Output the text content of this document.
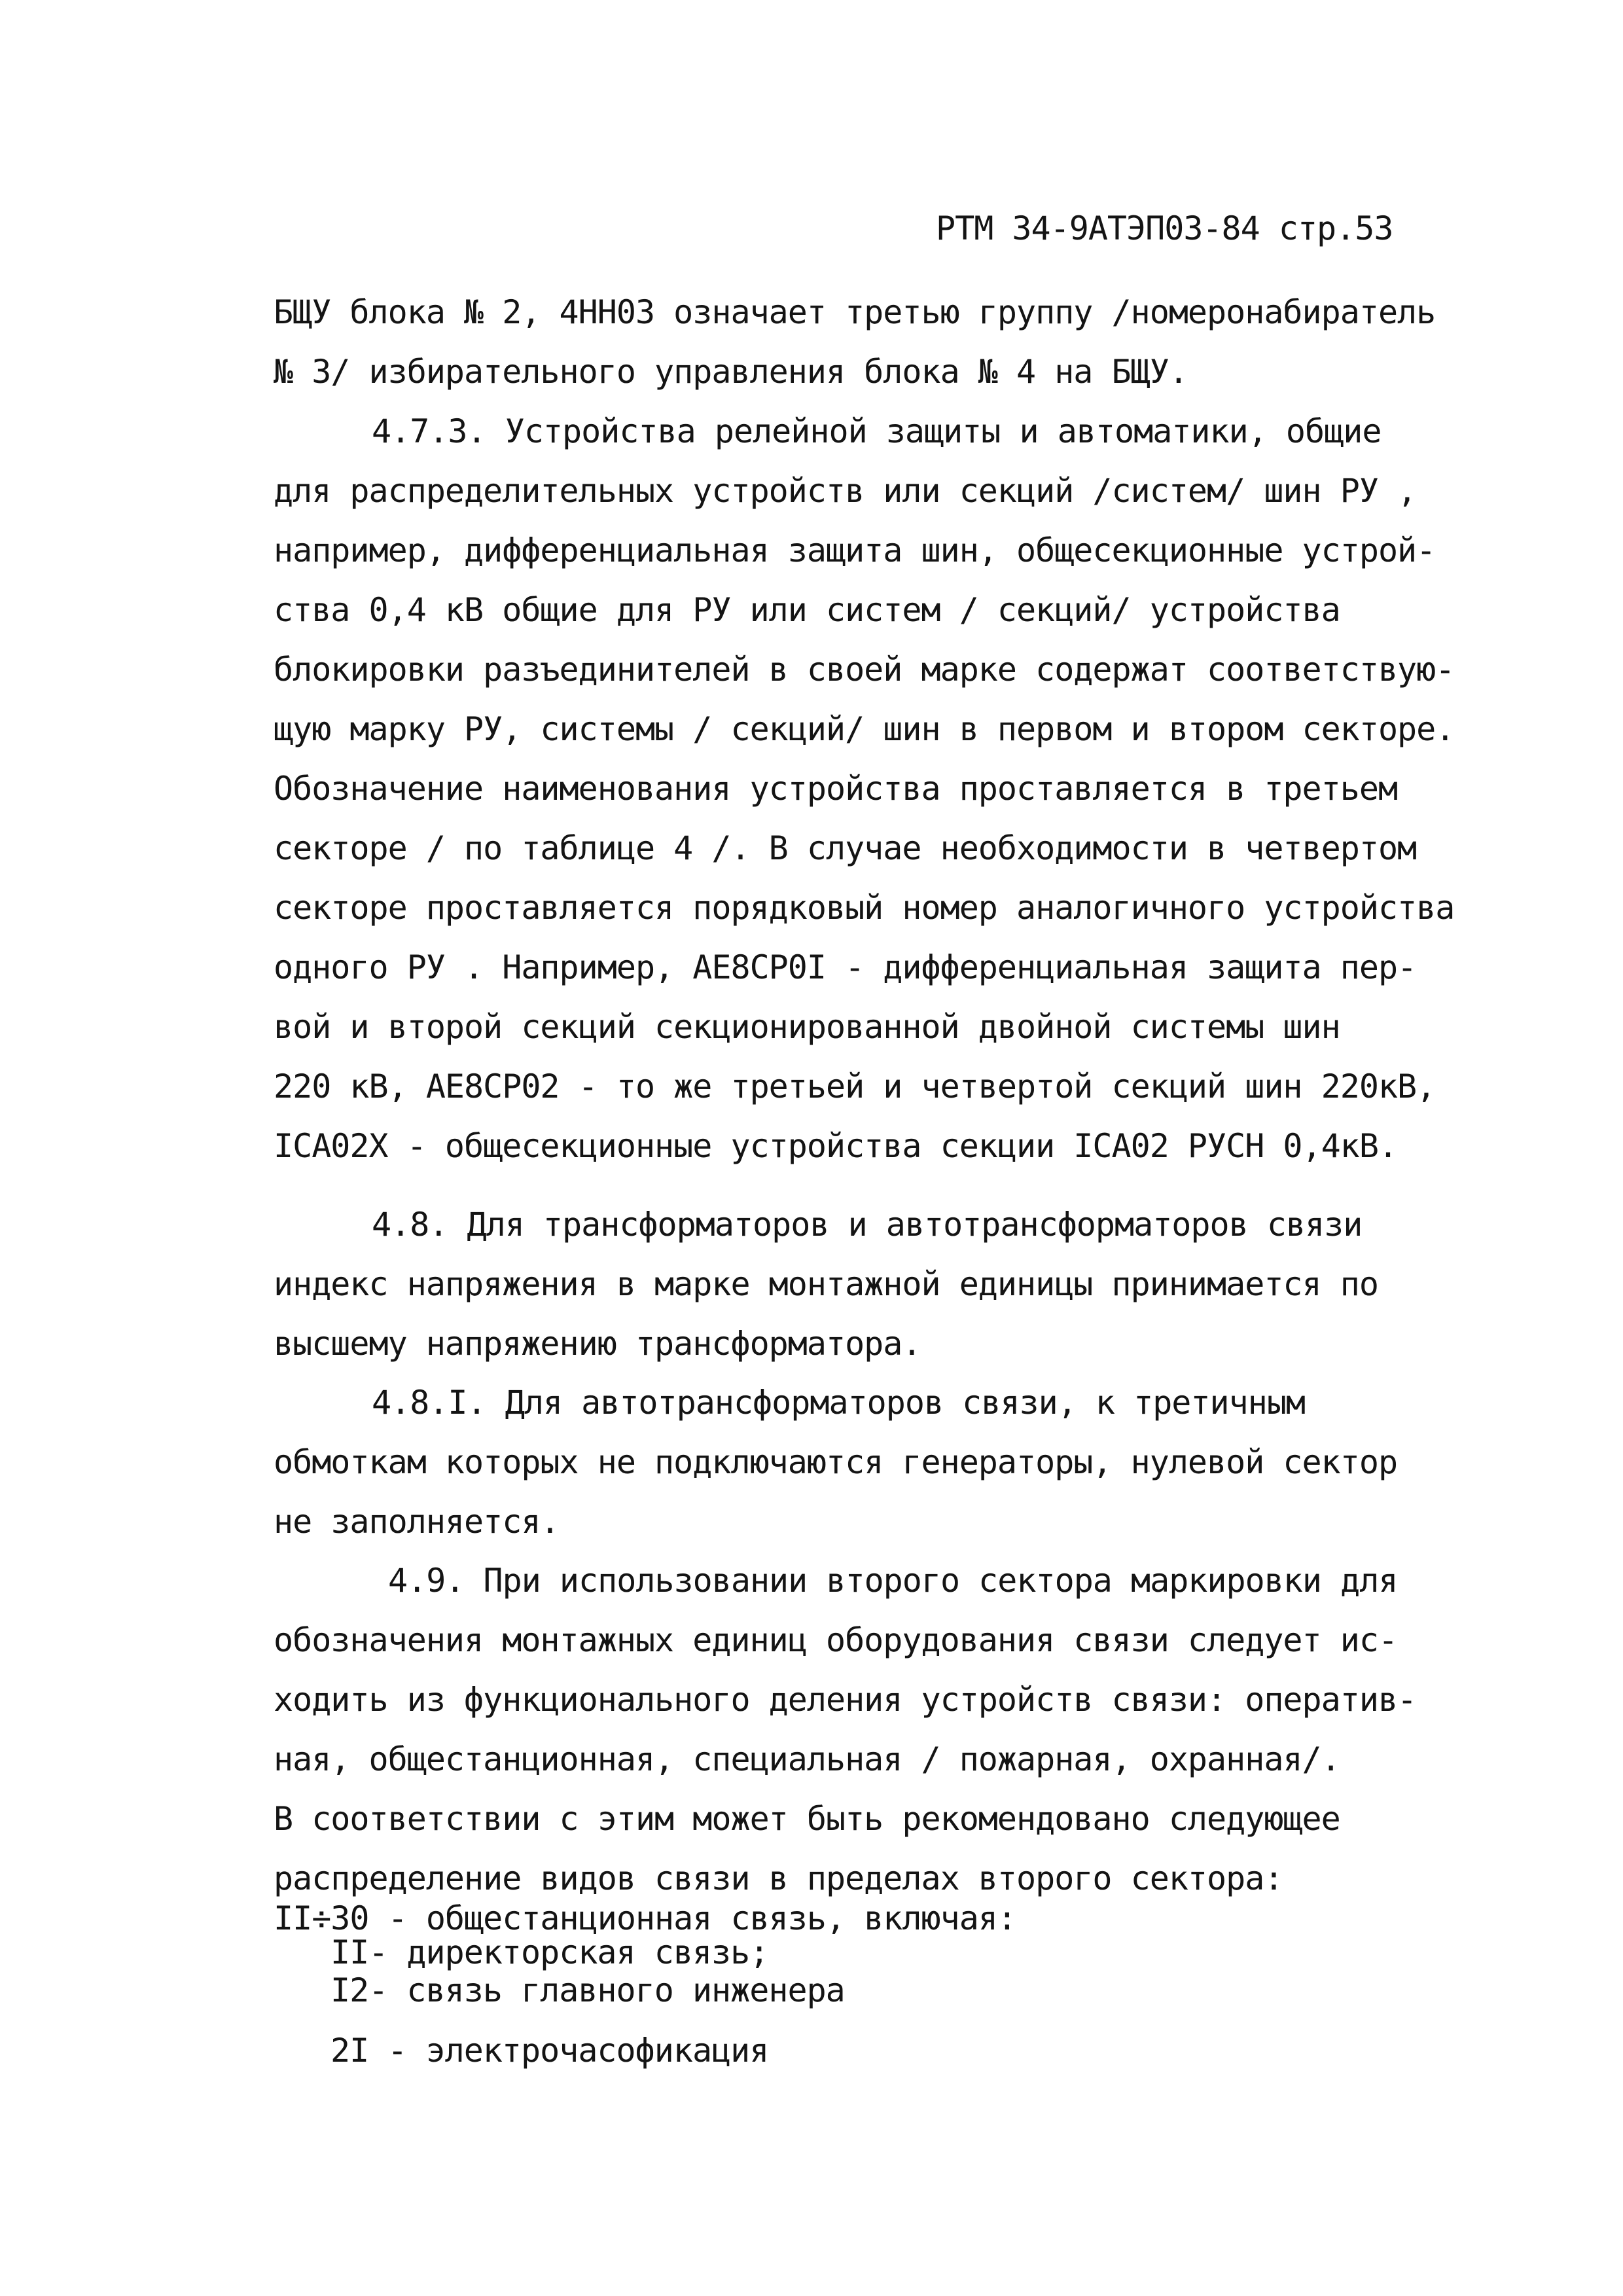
РТМ 34-9АТЭП03-84 стр.53

БЩУ блока № 2, 4НН03 означает третью группу /номеронабиратель

№ 3/ избирательного управления блока № 4 на БЩУ.

4.7.3. Устройства релейной защиты и автоматики, общие

для распределительных устройств или секций /систем/ шин РУ ,

например, дифференциальная защита шин, общесекционные устрой-

ства 0,4 кВ общие для РУ или систем / секций/ устройства

блокировки разъединителей в своей марке содержат соответствую-

щую марку РУ, системы / секций/ шин в первом и втором секторе.

Обозначение наименования устройства проставляется в третьем

секторе / по таблице 4 /. В случае необходимости в четвертом

секторе проставляется порядковый номер аналогичного устройства

одного РУ . Например, АЕ8СР0I - дифференциальная защита пер-

вой и второй секций секционированной двойной системы шин

220 кВ, АЕ8СР02 - то же третьей и четвертой секций шин 220кВ,

IСА02Х - общесекционные устройства секции IСА02 РУСН 0,4кВ.

4.8. Для трансформаторов и автотрансформаторов связи

индекс напряжения в марке монтажной единицы принимается по

высшему напряжению трансформатора.

4.8.I. Для автотрансформаторов связи, к третичным

обмоткам которых не подключаются генераторы, нулевой сектор

не заполняется.

4.9. При использовании второго сектора маркировки для

обозначения монтажных единиц оборудования связи следует ис-

ходить из функционального деления устройств связи: оператив-

ная, общестанционная, специальная / пожарная, охранная/.

В соответствии с этим может быть рекомендовано следующее

распределение видов связи в пределах второго сектора:

II÷30 - общестанционная связь, включая:
II- директорская связь;
I2- связь главного инженера
2I - электрочасофикация
